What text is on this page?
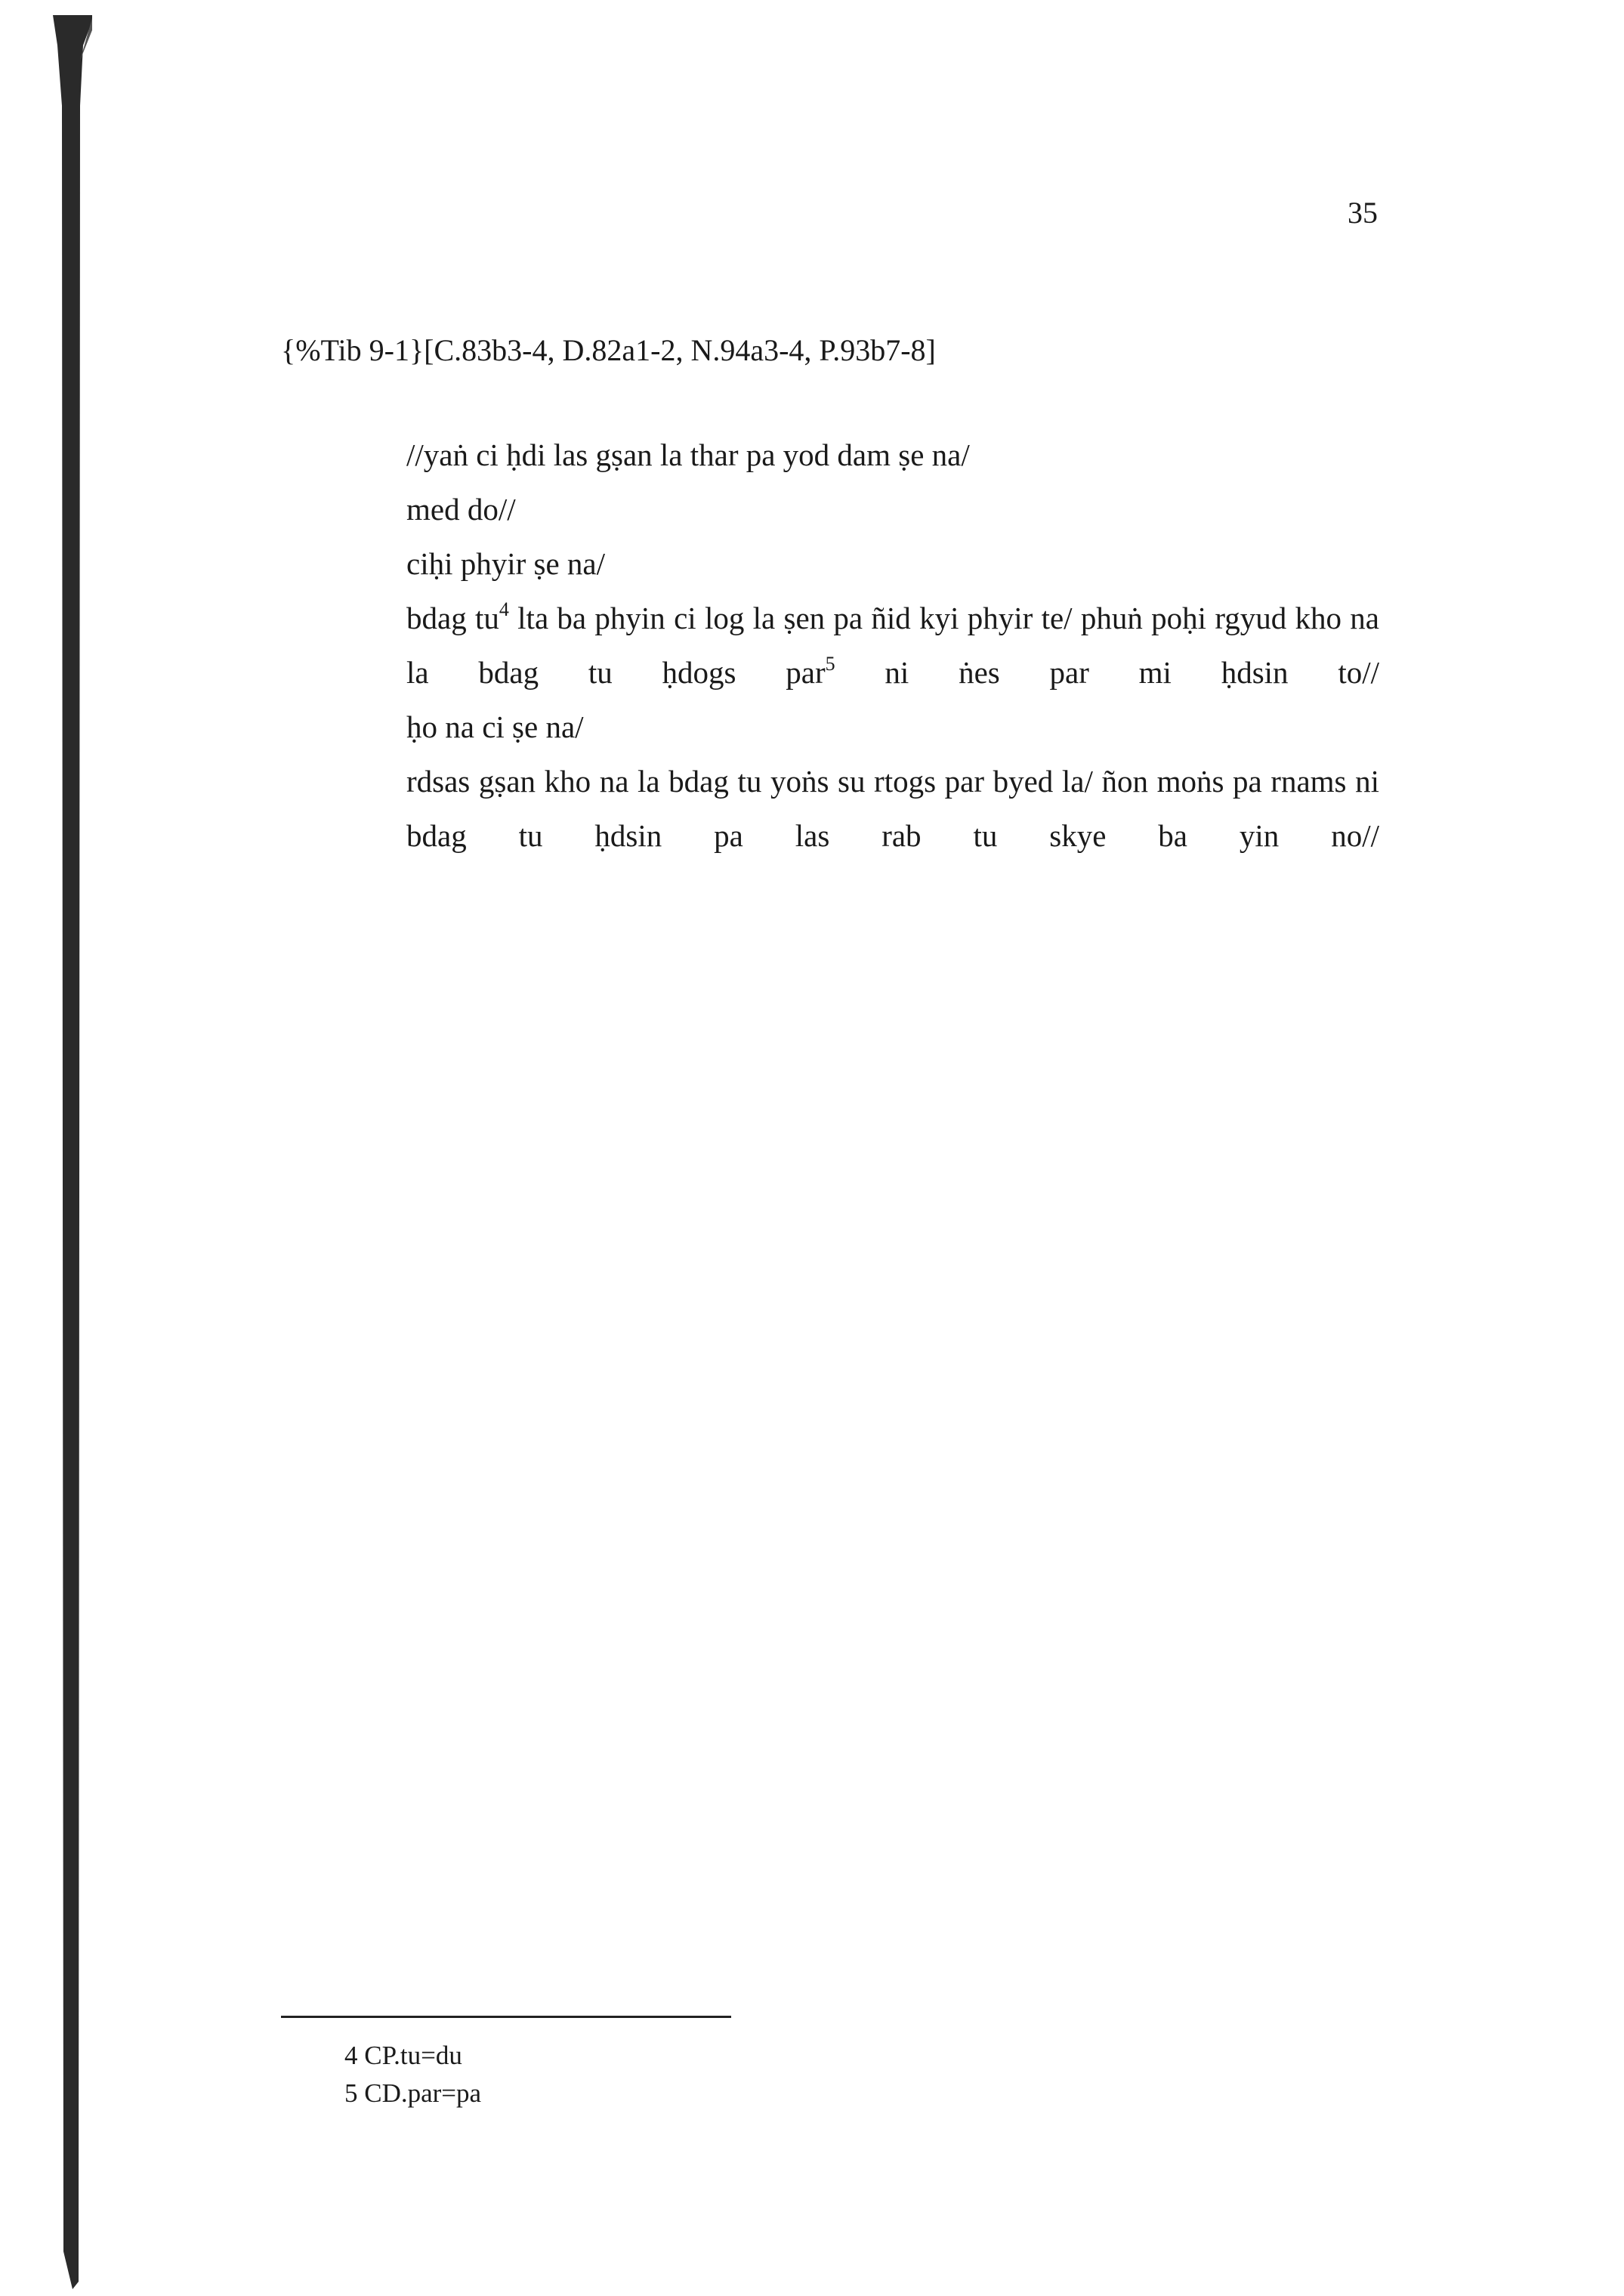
35
{%Tib 9-1}[C.83b3-4, D.82a1-2, N.94a3-4, P.93b7-8]
//yaṅ ci ḥdi las gṣan la thar pa yod dam ṣe na/
med do//
ciḥi phyir ṣe na/
bdag $tu^4$ lta ba phyin ci log la ṣen pa ñid kyi phyir te/ phuṅ poḥi rgyud kho na la bdag tu ḥdogs par$^5$ ni ṅes par mi ḥdsin to//
ḥo na ci ṣe na/
rdsas gṣan kho na la bdag tu yoṅs su rtogs par byed la/ ñon moṅs pa rnams ni bdag tu ḥdsin pa las rab tu skye ba yin no//
4 CP.tu=du
5 CD.par=pa
